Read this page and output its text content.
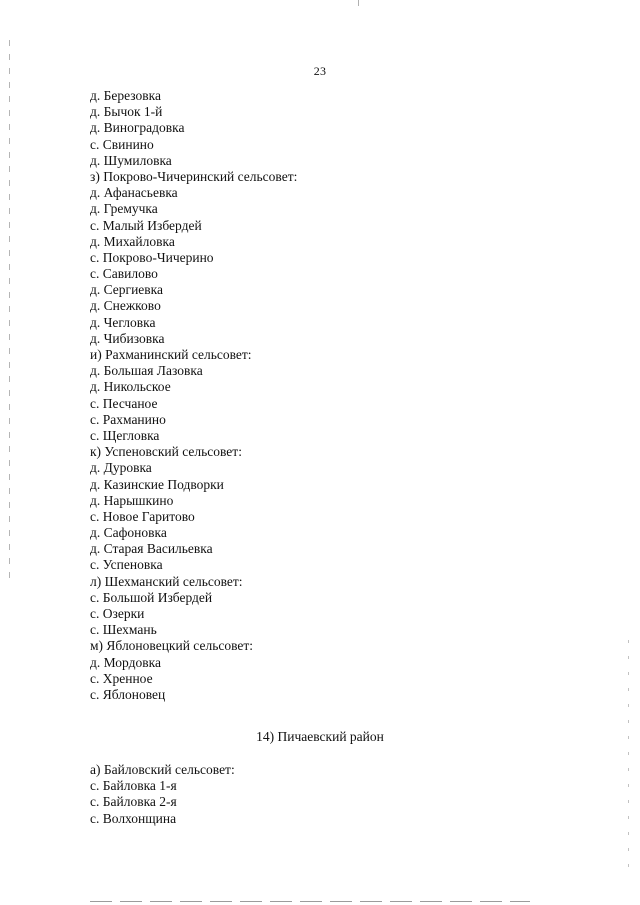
23
д. Березовка
д. Бычок 1-й
д. Виноградовка
с. Свинино
д. Шумиловка
з) Покрово-Чичеринский сельсовет:
д. Афанасьевка
д. Гремучка
с. Малый Избердей
д. Михайловка
с. Покрово-Чичерино
с. Савилово
д. Сергиевка
д. Снежково
д. Чегловка
д. Чибизовка
и) Рахманинский сельсовет:
д. Большая Лазовка
д. Никольское
с. Песчаное
с. Рахманино
с. Щегловка
к) Успеновский сельсовет:
д. Дуровка
д. Казинские Подворки
д. Нарышкино
с. Новое Гаритово
д. Сафоновка
д. Старая Васильевка
с. Успеновка
л) Шехманский сельсовет:
с. Большой Избердей
с. Озерки
с. Шехмань
м) Яблоновецкий сельсовет:
д. Мордовка
с. Хренное
с. Яблоновец
14) Пичаевский район
а) Байловский сельсовет:
с. Байловка 1-я
с. Байловка 2-я
с. Волхонщина
